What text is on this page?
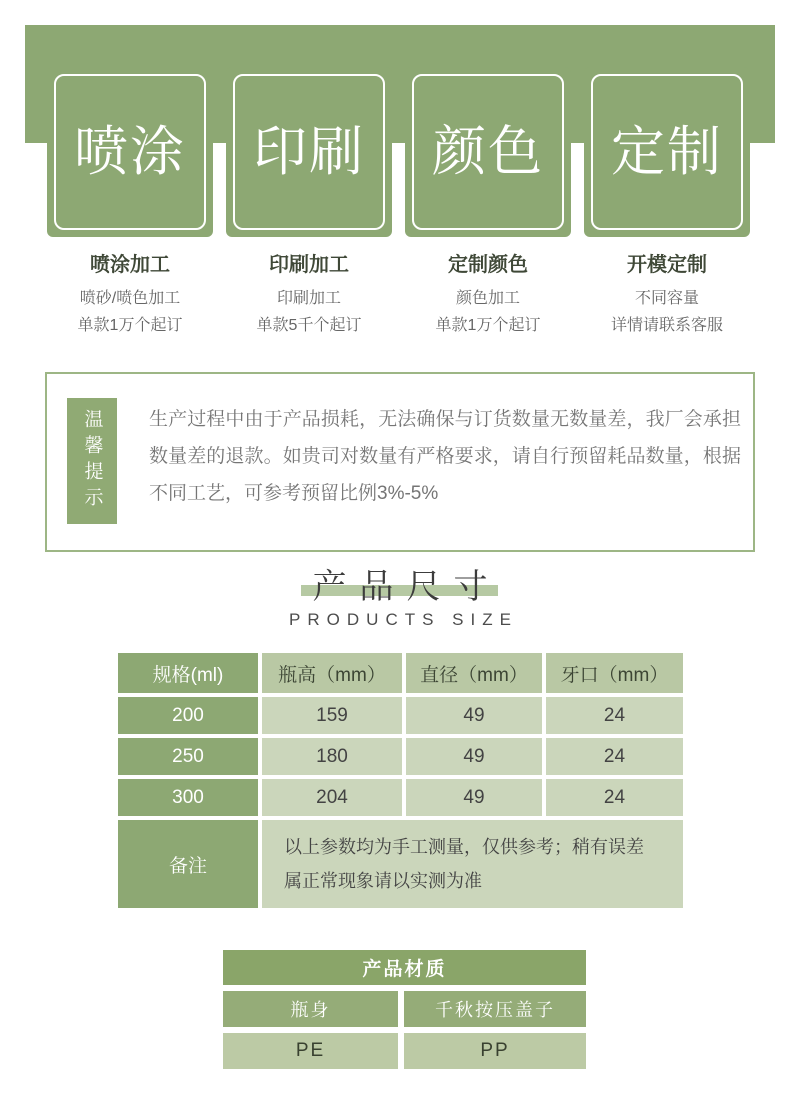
喷涂 印刷 颜色 定制
喷涂加工
喷砂/喷色加工
单款1万个起订
印刷加工
印刷加工
单款5千个起订
定制颜色
颜色加工
单款1万个起订
开模定制
不同容量
详情请联系客服
温馨提示	生产过程中由于产品损耗，无法确保与订货数量无数量差，我厂会承担数量差的退款。如贵司对数量有严格要求，请自行预留耗品数量，根据不同工艺，可参考预留比例3%-5%
产品尺寸
PRODUCTS SIZE
规格(ml)	瓶高（mm）	直径（mm）	牙口（mm）
200	159	49	24
250	180	49	24
300	204	49	24
备注	以上参数均为手工测量，仅供参考；稍有误差属正常现象请以实测为准		
产品材质	
瓶身	千秋按压盖子
PE	PP
